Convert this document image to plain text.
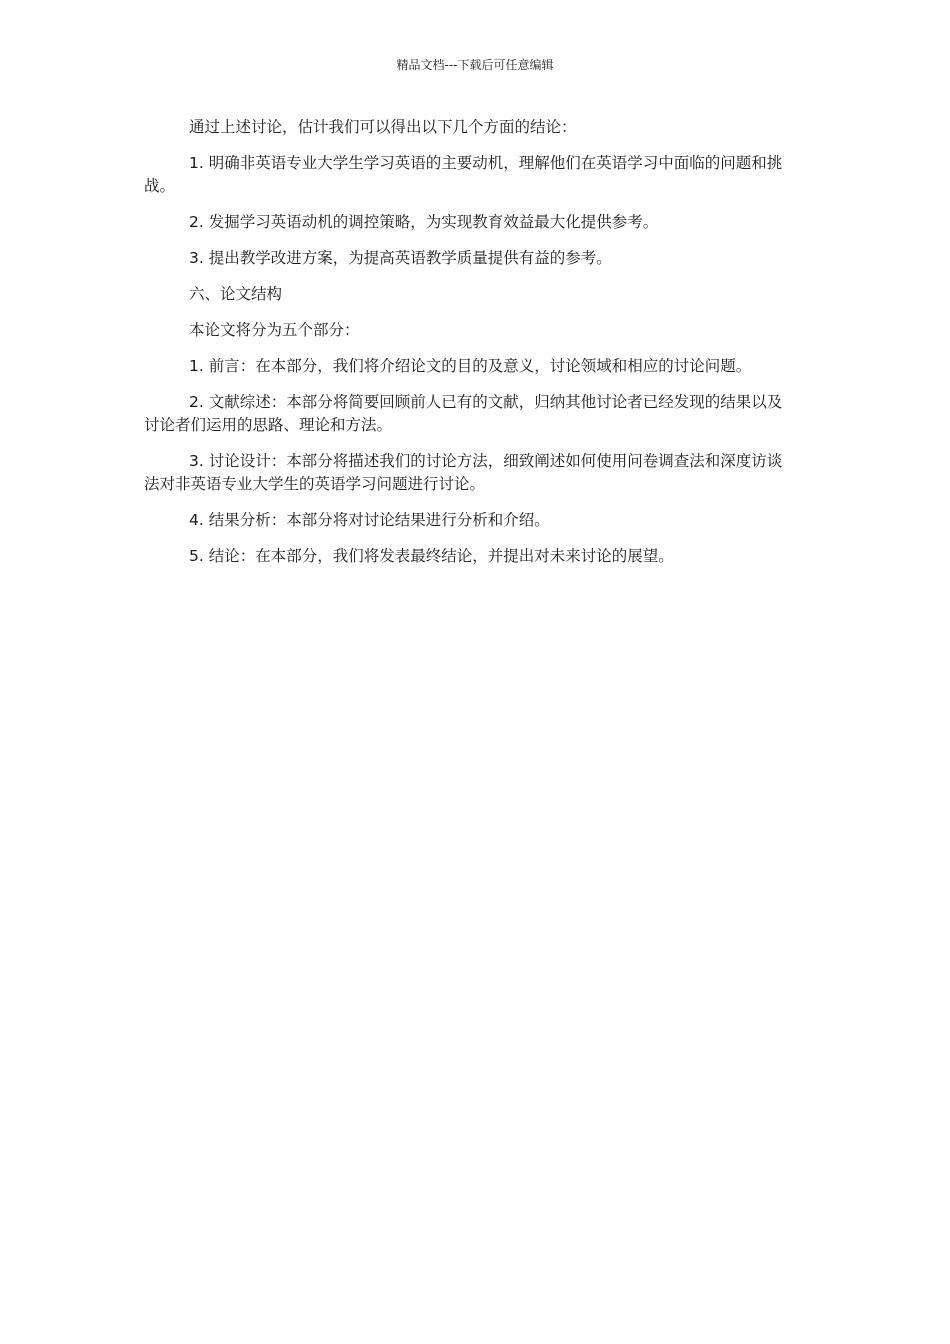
精品文档---下载后可任意编辑

通过上述讨论，估计我们可以得出以下几个方面的结论：

1. 明确非英语专业大学生学习英语的主要动机，理解他们在英语学习中面临的问题和挑战。

2. 发掘学习英语动机的调控策略，为实现教育效益最大化提供参考。

3. 提出教学改进方案，为提高英语教学质量提供有益的参考。

六、论文结构

本论文将分为五个部分：

1. 前言：在本部分，我们将介绍论文的目的及意义，讨论领域和相应的讨论问题。

2. 文献综述：本部分将简要回顾前人已有的文献，归纳其他讨论者已经发现的结果以及讨论者们运用的思路、理论和方法。

3. 讨论设计：本部分将描述我们的讨论方法，细致阐述如何使用问卷调查法和深度访谈法对非英语专业大学生的英语学习问题进行讨论。

4. 结果分析：本部分将对讨论结果进行分析和介绍。

5. 结论：在本部分，我们将发表最终结论，并提出对未来讨论的展望。
